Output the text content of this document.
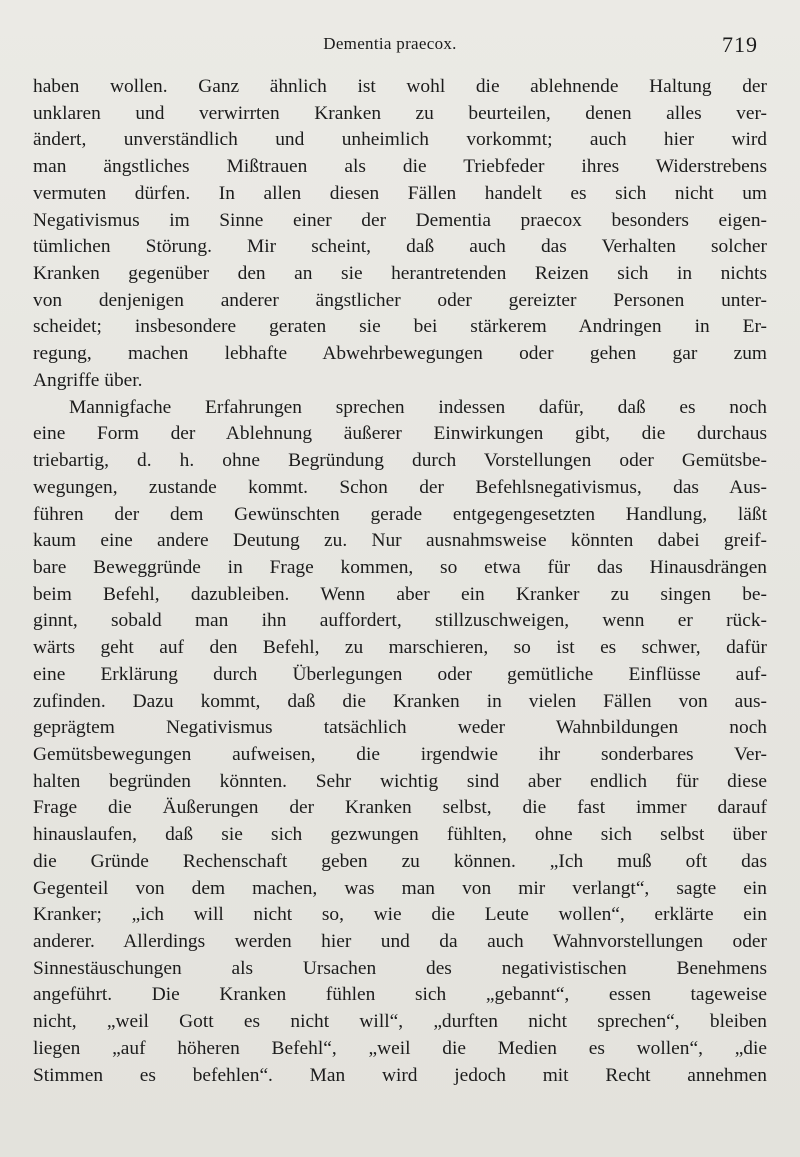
Dementia praecox.	719
haben wollen. Ganz ähnlich ist wohl die ablehnende Haltung der
unklaren und verwirrten Kranken zu beurteilen, denen alles ver-
ändert, unverständlich und unheimlich vorkommt; auch hier wird
man ängstliches Mißtrauen als die Triebfeder ihres Widerstrebens
vermuten dürfen. In allen diesen Fällen handelt es sich nicht um
Negativismus im Sinne einer der Dementia praecox besonders eigen-
tümlichen Störung. Mir scheint, daß auch das Verhalten solcher
Kranken gegenüber den an sie herantretenden Reizen sich in nichts
von denjenigen anderer ängstlicher oder gereizter Personen unter-
scheidet; insbesondere geraten sie bei stärkerem Andringen in Er-
regung, machen lebhafte Abwehrbewegungen oder gehen gar zum
Angriffe über.
Mannigfache Erfahrungen sprechen indessen dafür, daß es noch
eine Form der Ablehnung äußerer Einwirkungen gibt, die durchaus
triebartig, d. h. ohne Begründung durch Vorstellungen oder Gemütsbe-
wegungen, zustande kommt. Schon der Befehlsnegativismus, das Aus-
führen der dem Gewünschten gerade entgegengesetzten Handlung, läßt
kaum eine andere Deutung zu. Nur ausnahmsweise könnten dabei greif-
bare Beweggründe in Frage kommen, so etwa für das Hinausdrängen
beim Befehl, dazubleiben. Wenn aber ein Kranker zu singen be-
ginnt, sobald man ihn auffordert, stillzuschweigen, wenn er rück-
wärts geht auf den Befehl, zu marschieren, so ist es schwer, dafür
eine Erklärung durch Überlegungen oder gemütliche Einflüsse auf-
zufinden. Dazu kommt, daß die Kranken in vielen Fällen von aus-
geprägtem Negativismus tatsächlich weder Wahnbildungen noch
Gemütsbewegungen aufweisen, die irgendwie ihr sonderbares Ver-
halten begründen könnten. Sehr wichtig sind aber endlich für diese
Frage die Äußerungen der Kranken selbst, die fast immer darauf
hinauslaufen, daß sie sich gezwungen fühlten, ohne sich selbst über
die Gründe Rechenschaft geben zu können. „Ich muß oft das
Gegenteil von dem machen, was man von mir verlangt“, sagte ein
Kranker; „ich will nicht so, wie die Leute wollen“, erklärte ein
anderer. Allerdings werden hier und da auch Wahnvorstellungen oder
Sinnestäuschungen als Ursachen des negativistischen Benehmens
angeführt. Die Kranken fühlen sich „gebannt“, essen tageweise
nicht, „weil Gott es nicht will“, „durften nicht sprechen“, bleiben
liegen „auf höheren Befehl“, „weil die Medien es wollen“, „die
Stimmen es befehlen“. Man wird jedoch mit Recht annehmen
